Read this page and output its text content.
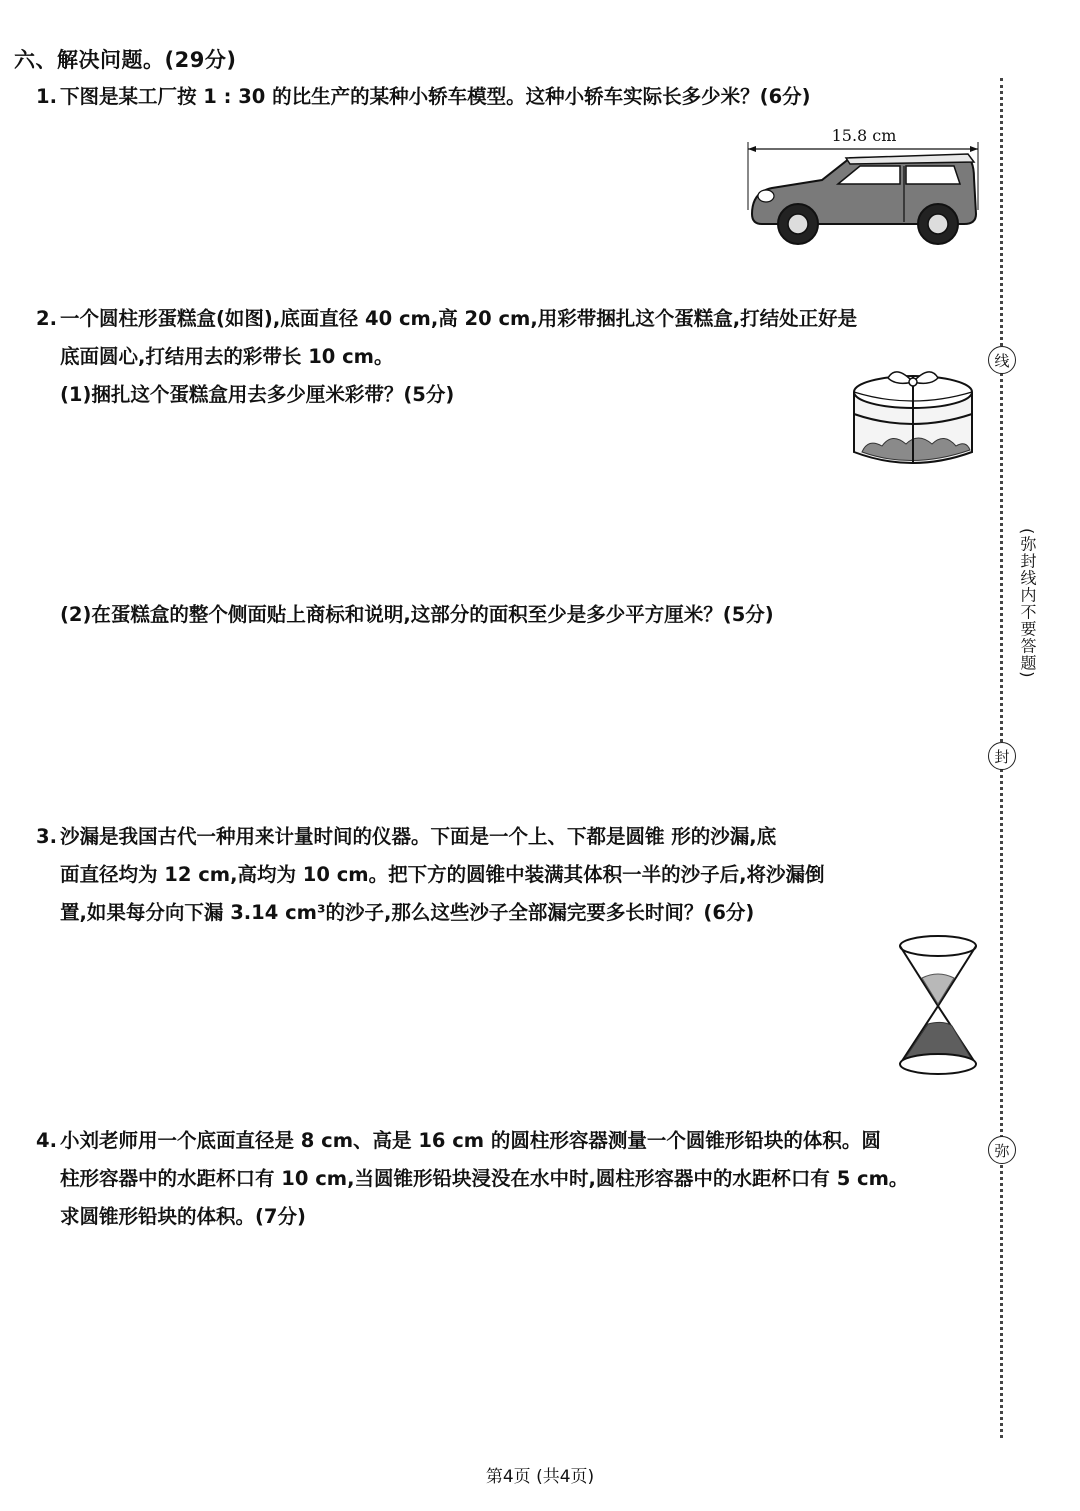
六、解决问题。(29分)
1. 下图是某工厂按 1 : 30 的比生产的某种小轿车模型。这种小轿车实际长多少米？(6分)
15.8 cm
2. 一个圆柱形蛋糕盒(如图),底面直径 40 cm,高 20 cm,用彩带捆扎这个蛋糕盒,打结处正好是
底面圆心,打结用去的彩带长 10 cm。
(1)捆扎这个蛋糕盒用去多少厘米彩带？(5分)
(2)在蛋糕盒的整个侧面贴上商标和说明,这部分的面积至少是多少平方厘米？(5分)
3. 沙漏是我国古代一种用来计量时间的仪器。下面是一个上、下都是圆锥 形的沙漏,底
面直径均为 12 cm,高均为 10 cm。把下方的圆锥中装满其体积一半的沙子后,将沙漏倒
置,如果每分向下漏 3.14 cm³的沙子,那么这些沙子全部漏完要多长时间？(6分)
4. 小刘老师用一个底面直径是 8 cm、高是 16 cm 的圆柱形容器测量一个圆锥形铅块的体积。圆
柱形容器中的水距杯口有 10 cm,当圆锥形铅块浸没在水中时,圆柱形容器中的水距杯口有 5 cm。
求圆锥形铅块的体积。(7分)
线
(弥封线内不要答题)
封
弥
第4页 (共4页)
